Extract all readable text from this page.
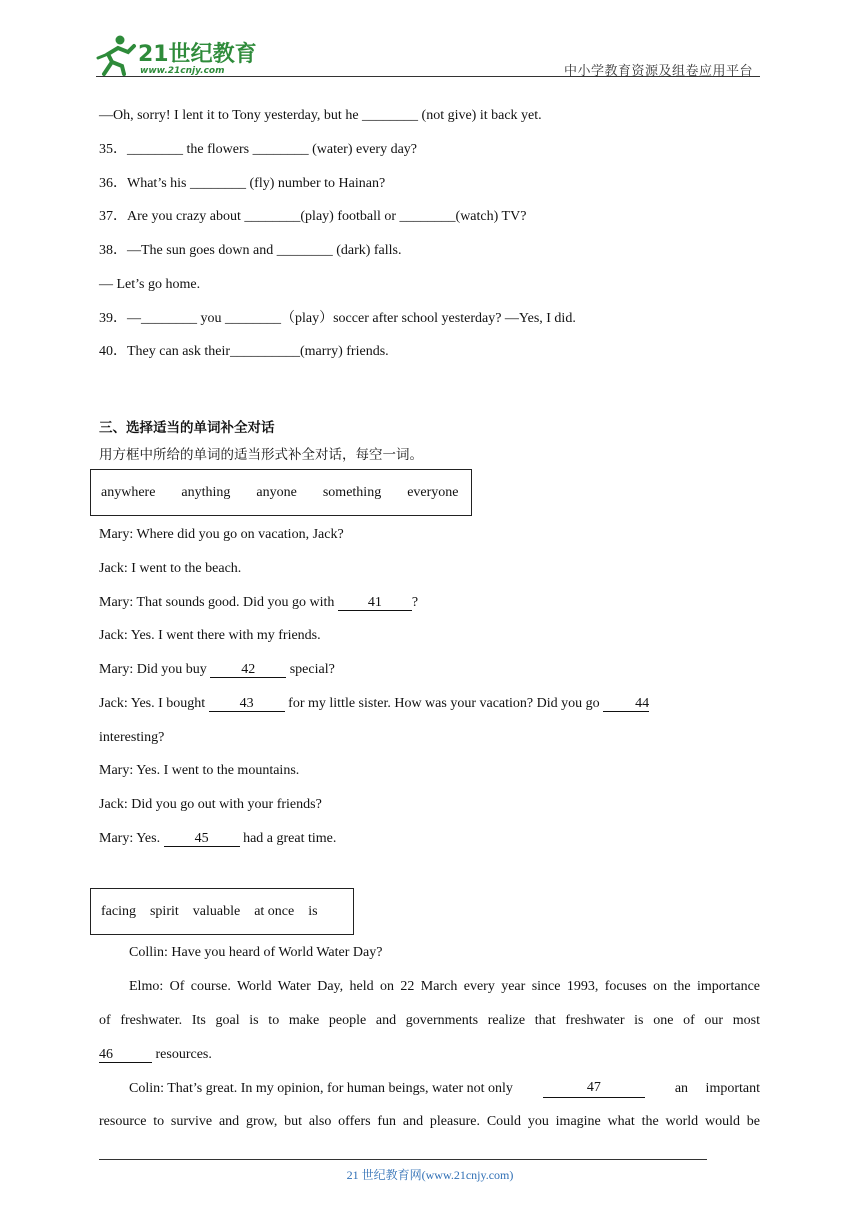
21世纪教育
www.21cnjy.com	中小学教育资源及组卷应用平台
—Oh, sorry! I lent it to Tony yesterday, but he ________ (not give) it back yet.
35．________ the flowers ________ (water) every day?
36．What’s his ________ (fly) number to Hainan?
37．Are you crazy about ________(play) football or ________(watch) TV?
38．—The sun goes down and ________ (dark) falls.
— Let’s go home.
39．—________ you ________（play）soccer after school yesterday? —Yes, I did.
40．They can ask their__________(marry) friends.
三、选择适当的单词补全对话
用方框中所给的单词的适当形式补全对话，每空一词。
anywhere anything anyone something everyone
Mary: Where did you go on vacation, Jack?
Jack: I went to the beach.
Mary: That sounds good. Did you go with 41 ?
Jack: Yes. I went there with my friends.
Mary: Did you buy 42 special?
Jack: Yes. I bought 43 for my little sister. How was your vacation? Did you go 44
interesting?
Mary: Yes. I went to the mountains.
Jack: Did you go out with your friends?
Mary: Yes. 45 had a great time.
facing spirit valuable at once is
Collin: Have you heard of World Water Day?
Elmo: Of course. World Water Day, held on 22 March every year since 1993, focuses on the importance
of freshwater. Its goal is to make people and governments realize that freshwater is one of our most
46	resources.
Colin: That’s great. In my opinion, for human beings, water not only	47	an important
resource to survive and grow, but also offers fun and pleasure. Could you imagine what the world would be
21 世纪教育网(www.21cnjy.com)
